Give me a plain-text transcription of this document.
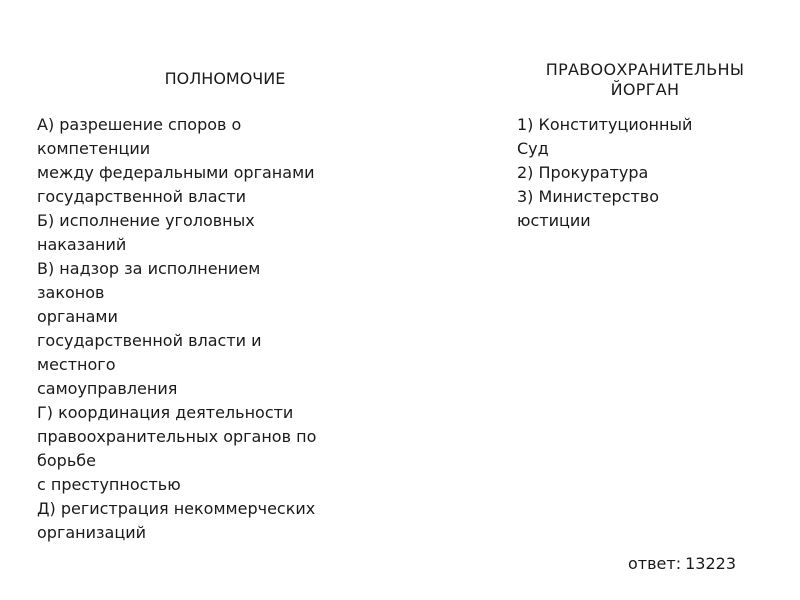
ПОЛНОМОЧИЕ	ПРАВООХРАНИТЕЛЬНЫ
ЙОРГАН
А) разрешение споров о
компетенции
между федеральными органами
государственной власти
Б) исполнение уголовных
наказаний
В) надзор за исполнением
законов
органами
государственной власти и
местного
самоуправления
Г) координация деятельности
правоохранительных органов по
борьбе
с преступностью
Д) регистрация некоммерческих
организаций
1) Конституционный
Суд
2) Прокуратура
3) Министерство
юстиции
ответ: 13223
